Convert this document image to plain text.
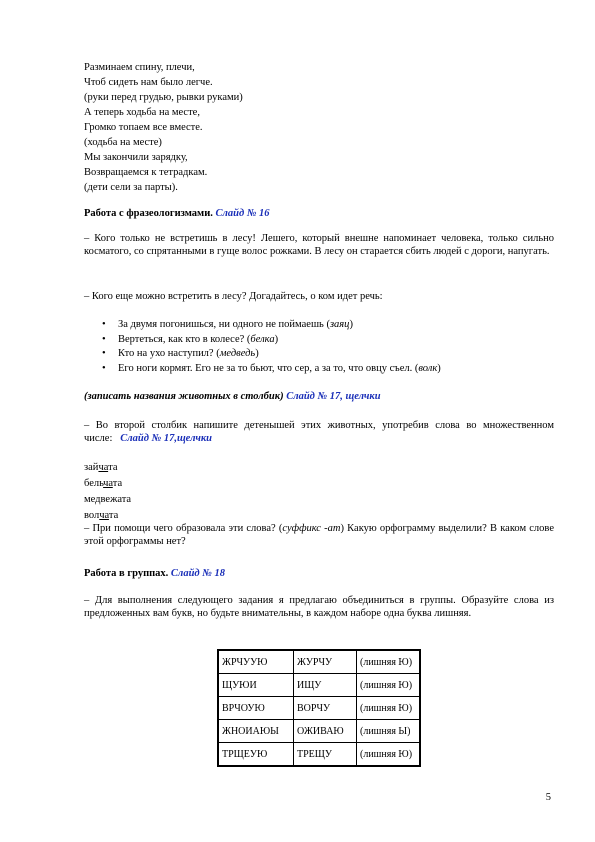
Разминаем спину, плечи,
Чтоб сидеть нам было легче.
(руки перед грудью, рывки руками)
А теперь ходьба на месте,
Громко топаем все вместе.
(ходьба на месте)
Мы закончили зарядку,
Возвращаемся к тетрадкам.
(дети сели за парты).
Работа с фразеологизмами. Слайд № 16
– Кого только не встретишь в лесу! Лешего, который внешне напоминает человека, только сильно косматого, со спрятанными в гуще волос рожками. В лесу он старается сбить людей с дороги, напугать.
– Кого еще можно встретить в лесу? Догадайтесь, о ком идет речь:
• За двумя погонишься, ни одного не поймаешь (заяц)
• Вертеться, как кто в колесе? (белка)
• Кто на ухо наступил? (медведь)
• Его ноги кормят. Его не за то бьют, что сер, а за то, что овцу съел. (волк)
(записать названия животных в столбик) Слайд № 17, щелчки
– Во второй столбик напишите детенышей этих животных, употребив слова во множественном числе: Слайд № 17,щелчки
зайчата
бельчата
медвежата
волчата
– При помощи чего образовала эти слова? (суффикс -ат) Какую орфограмму выделили? В каком слове этой орфограммы нет?
Работа в группах. Слайд № 18
– Для выполнения следующего задания я предлагаю объединиться в группы. Образуйте слова из предложенных вам букв, но будьте внимательны, в каждом наборе одна буква лишняя.
ЖРЧУУЮ	ЖУРЧУ	(лишняя Ю)
ЩУЮИ	ИЩУ	(лишняя Ю)
ВРЧОУЮ	ВОРЧУ	(лишняя Ю)
ЖНОИАЮЫ	ОЖИВАЮ	(лишняя Ы)
ТРЩЕУЮ	ТРЕЩУ	(лишняя Ю)
5
